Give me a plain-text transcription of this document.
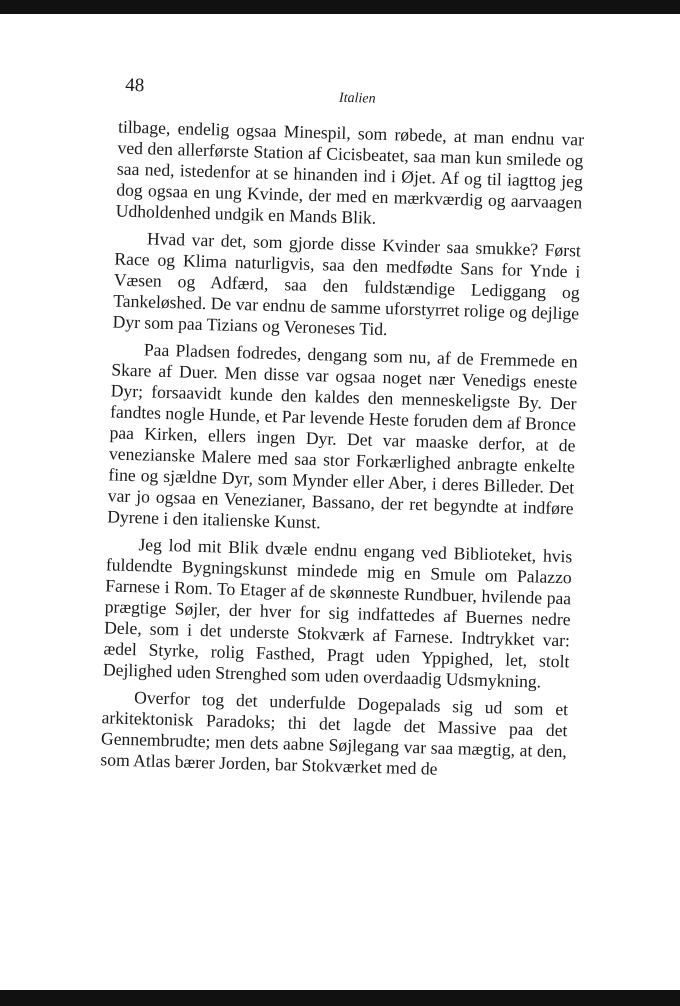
48
Italien

tilbage, endelig ogsaa Minespil, som røbede, at man endnu var ved den allerførste Station af Cicisbeatet, saa man kun smilede og saa ned, istedenfor at se hinanden ind i Øjet. Af og til iagttog jeg dog ogsaa en ung Kvinde, der med en mærkværdig og aarvaagen Udholdenhed undgik en Mands Blik.

Hvad var det, som gjorde disse Kvinder saa smukke? Først Race og Klima naturligvis, saa den medfødte Sans for Ynde i Væsen og Adfærd, saa den fuldstændige Lediggang og Tankeløshed. De var endnu de samme uforstyrret rolige og dejlige Dyr som paa Tizians og Veroneses Tid.

Paa Pladsen fodredes, dengang som nu, af de Fremmede en Skare af Duer. Men disse var ogsaa noget nær Venedigs eneste Dyr; forsaavidt kunde den kaldes den menneskeligste By. Der fandtes nogle Hunde, et Par levende Heste foruden dem af Bronce paa Kirken, ellers ingen Dyr. Det var maaske derfor, at de venezianske Malere med saa stor Forkærlighed anbragte enkelte fine og sjældne Dyr, som Mynder eller Aber, i deres Billeder. Det var jo ogsaa en Venezianer, Bassano, der ret begyndte at indføre Dyrene i den italienske Kunst.

Jeg lod mit Blik dvæle endnu engang ved Biblioteket, hvis fuldendte Bygningskunst mindede mig en Smule om Palazzo Farnese i Rom. To Etager af de skønneste Rundbuer, hvilende paa prægtige Søjler, der hver for sig indfattedes af Buernes nedre Dele, som i det underste Stokværk af Farnese. Indtrykket var: ædel Styrke, rolig Fasthed, Pragt uden Yppighed, let, stolt Dejlighed uden Strenghed som uden overdaadig Udsmykning.

Overfor tog det underfulde Dogepalads sig ud som et arkitektonisk Paradoks; thi det lagde det Massive paa det Gennembrudte; men dets aabne Søjlegang var saa mægtig, at den, som Atlas bærer Jorden, bar Stokværket med de
